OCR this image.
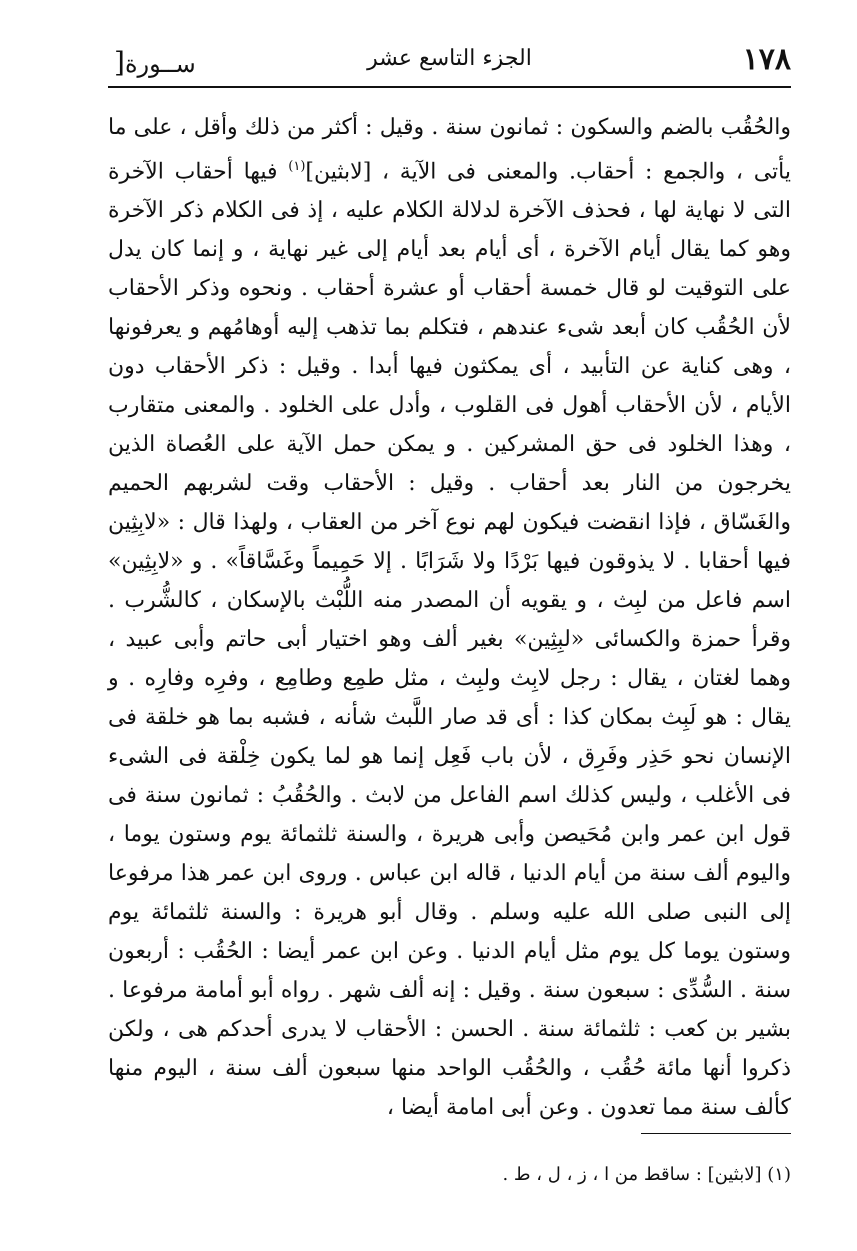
١٧٨
الجزء التاسع عشر
ســورة[

والحُقُب بالضم والسكون : ثمانون سنة . وقيل : أكثر من ذلك وأقل ، على ما يأتى ، والجمع : أحقاب. والمعنى فى الآية ، [لابثين]$^{(١)}$ فيها أحقاب الآخرة التى لا نهاية لها ، فحذف الآخرة لدلالة الكلام عليه ، إذ فى الكلام ذكر الآخرة وهو كما يقال أيام الآخرة ، أى أيام بعد أيام إلى غير نهاية ، و إنما كان يدل على التوقيت لو قال خمسة أحقاب أو عشرة أحقاب . ونحوه وذكر الأحقاب لأن الحُقُب كان أبعد شىء عندهم ، فتكلم بما تذهب إليه أوهامُهم و يعرفونها ، وهى كناية عن التأبيد ، أى يمكثون فيها أبدا . وقيل : ذكر الأحقاب دون الأيام ، لأن الأحقاب أهول فى القلوب ، وأدل على الخلود . والمعنى متقارب ، وهذا الخلود فى حق المشركين . و يمكن حمل الآية على العُصاة الذين يخرجون من النار بعد أحقاب . وقيل : الأحقاب وقت لشربهم الحميم والغَسّاق ، فإذا انقضت فيكون لهم نوع آخر من العقاب ، ولهذا قال : «لابِثِين فيها أحقابا . لا يذوقون فيها بَرْدًا ولا شَرَابًا . إلا حَمِيماً وغَسَّاقاً» . و «لابِثِين» اسم فاعل من لبِث ، و يقويه أن المصدر منه اللُّبْث بالإسكان ، كالشُّرب . وقرأ حمزة والكسائى «لبِثِين» بغير ألف وهو اختيار أبى حاتم وأبى عبيد ، وهما لغتان ، يقال : رجل لابِث ولبِث ، مثل طمِع وطامِع ، وفرِه وفارِه . و يقال : هو لَبِث بمكان كذا : أى قد صار اللَّبث شأنه ، فشبه بما هو خلقة فى الإنسان نحو حَذِر وفَرِق ، لأن باب فَعِل إنما هو لما يكون خِلْقة فى الشىء فى الأغلب ، وليس كذلك اسم الفاعل من لابث . والحُقُبُ : ثمانون سنة فى قول ابن عمر وابن مُحَيصن وأبى هريرة ، والسنة ثلثمائة يوم وستون يوما ، واليوم ألف سنة من أيام الدنيا ، قاله ابن عباس . وروى ابن عمر هذا مرفوعا إلى النبى صلى الله عليه وسلم . وقال أبو هريرة : والسنة ثلثمائة يوم وستون يوما كل يوم مثل أيام الدنيا . وعن ابن عمر أيضا : الحُقُب : أربعون سنة . السُّدِّى : سبعون سنة . وقيل : إنه ألف شهر . رواه أبو أمامة مرفوعا . بشير بن كعب : ثلثمائة سنة . الحسن : الأحقاب لا يدرى أحدكم هى ، ولكن ذكروا أنها مائة حُقُب ، والحُقُب الواحد منها سبعون ألف سنة ، اليوم منها كألف سنة مما تعدون . وعن أبى امامة أيضا ،

(١) [لابثين] : ساقط من ا ، ز ، ل ، ط .
